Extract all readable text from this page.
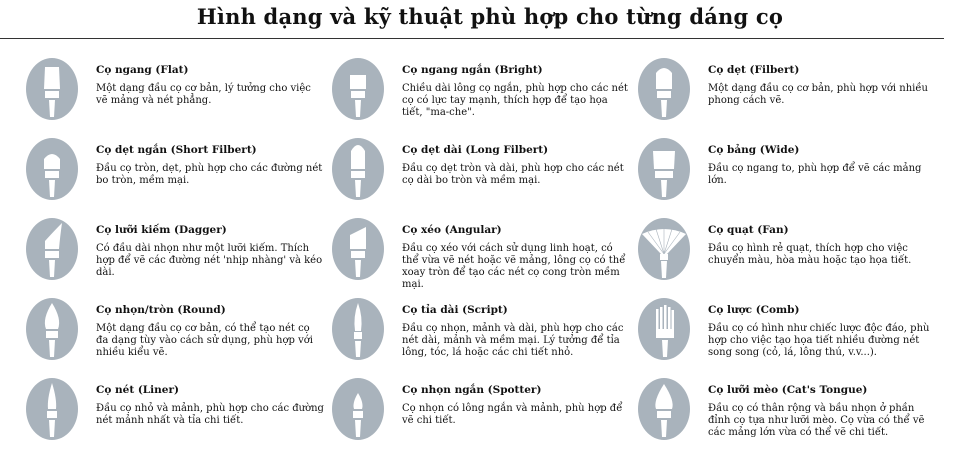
Hình dạng và kỹ thuật phù hợp cho từng dáng cọ
Cọ ngang (Flat)
Một dạng đầu cọ cơ bản, lý tưởng cho việc vẽ mảng và nét phẳng.
Cọ ngang ngắn (Bright)
Chiều dài lông cọ ngắn, phù hợp cho các nét cọ có lực tay mạnh, thích hợp để tạo họa tiết, "ma-che".
Cọ dẹt (Filbert)
Một dạng đầu cọ cơ bản, phù hợp với nhiều phong cách vẽ.
Cọ dẹt ngắn (Short Filbert)
Đầu cọ tròn, dẹt, phù hợp cho các đường nét bo tròn, mềm mại.
Cọ dẹt dài (Long Filbert)
Đầu cọ dẹt tròn và dài, phù hợp cho các nét cọ dài bo tròn và mềm mại.
Cọ bảng (Wide)
Đầu cọ ngang to, phù hợp để vẽ các mảng lớn.
Cọ lưỡi kiếm (Dagger)
Có đầu dài nhọn như một lưỡi kiếm. Thích hợp để vẽ các đường nét 'nhịp nhàng' và kéo dài.
Cọ xéo (Angular)
Đầu cọ xéo với cách sử dụng linh hoạt, có thể vừa vẽ nét hoặc vẽ mảng, lông cọ có thể xoay tròn để tạo các nét cọ cong tròn mềm mại.
Cọ quạt (Fan)
Đầu cọ hình rẻ quạt, thích hợp cho việc chuyển màu, hòa màu hoặc tạo họa tiết.
Cọ nhọn/tròn (Round)
Một dạng đầu cọ cơ bản, có thể tạo nét cọ đa dạng tùy vào cách sử dụng, phù hợp với nhiều kiểu vẽ.
Cọ tỉa dài (Script)
Đầu cọ nhọn, mảnh và dài, phù hợp cho các nét dài, mảnh và mềm mại. Lý tưởng để tỉa lông, tóc, lá hoặc các chi tiết nhỏ.
Cọ lược (Comb)
Đầu cọ có hình như chiếc lược độc đáo, phù hợp cho việc tạo họa tiết nhiều đường nét song song (cỏ, lá, lông thú, v.v...).
Cọ nét (Liner)
Đầu cọ nhỏ và mảnh, phù hợp cho các đường nét mảnh nhất và tỉa chi tiết.
Cọ nhọn ngắn (Spotter)
Cọ nhọn có lông ngắn và mảnh, phù hợp để vẽ chi tiết.
Cọ lưỡi mèo (Cat's Tongue)
Đầu cọ có thân rộng và bầu nhọn ở phần đỉnh cọ tựa như lưỡi mèo. Cọ vừa có thể vẽ các mảng lớn vừa có thể vẽ chi tiết.
